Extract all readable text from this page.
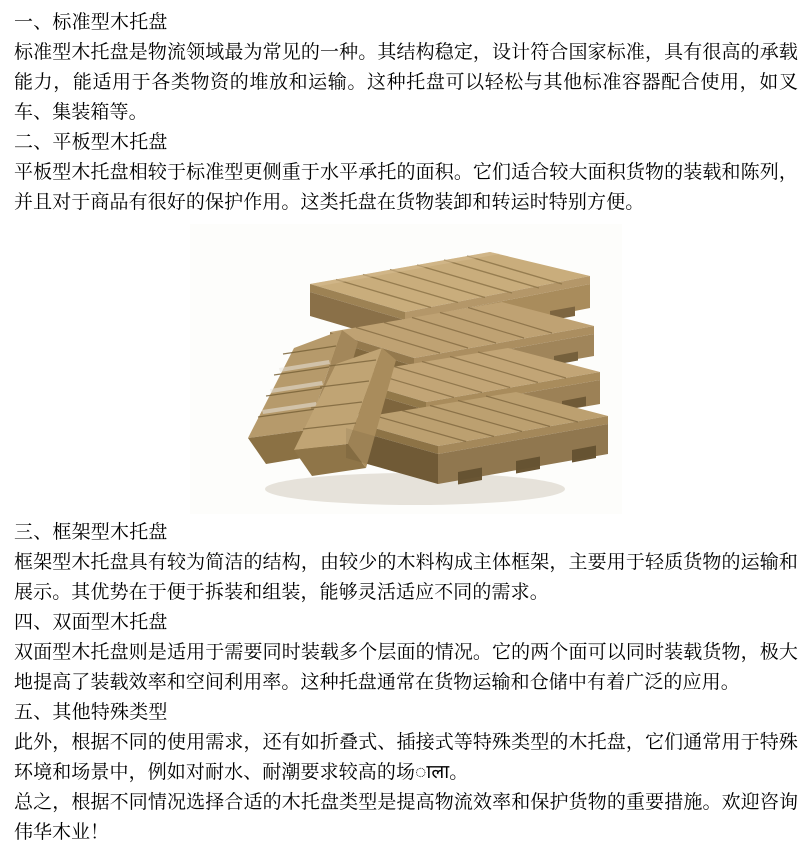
一、标准型木托盘

标准型木托盘是物流领域最为常见的一种。其结构稳定，设计符合国家标准，具有很高的承载能力，能适用于各类物资的堆放和运输。这种托盘可以轻松与其他标准容器配合使用，如叉车、集装箱等。

二、平板型木托盘

平板型木托盘相较于标准型更侧重于水平承托的面积。它们适合较大面积货物的装载和陈列，并且对于商品有很好的保护作用。这类托盘在货物装卸和转运时特别方便。

三、框架型木托盘

框架型木托盘具有较为简洁的结构，由较少的木料构成主体框架，主要用于轻质货物的运输和展示。其优势在于便于拆装和组装，能够灵活适应不同的需求。

四、双面型木托盘

双面型木托盘则是适用于需要同时装载多个层面的情况。它的两个面可以同时装载货物，极大地提高了装载效率和空间利用率。这种托盘通常在货物运输和仓储中有着广泛的应用。

五、其他特殊类型

此外，根据不同的使用需求，还有如折叠式、插接式等特殊类型的木托盘，它们通常用于特殊环境和场景中，例如对耐水、耐潮要求较高的场ाला。

总之，根据不同情况选择合适的木托盘类型是提高物流效率和保护货物的重要措施。欢迎咨询伟华木业！
